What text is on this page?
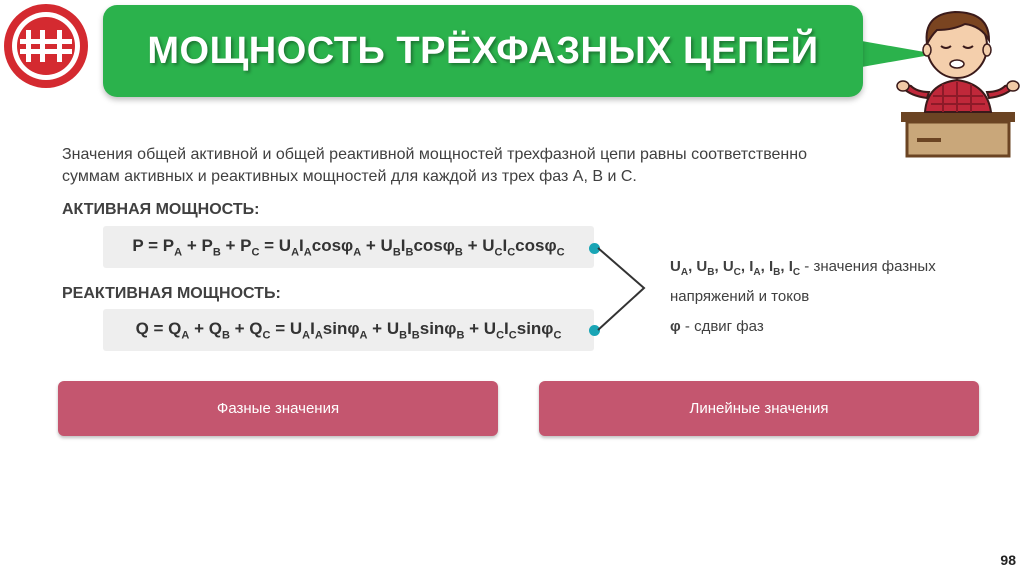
МОЩНОСТЬ ТРЁХФАЗНЫХ ЦЕПЕЙ
Значения общей активной и общей реактивной мощностей трехфазной цепи равны соответственно
суммам активных и реактивных мощностей для каждой из трех фаз А, В и С.
АКТИВНАЯ МОЩНОСТЬ:
$P = P_A + P_B + P_C = U_AI_A\cos\varphi_A + U_BI_B\cos\varphi_B + U_CI_C\cos\varphi_C$
РЕАКТИВНАЯ МОЩНОСТЬ:
$Q = Q_A + Q_B + Q_C = U_AI_A\sin\varphi_A + U_BI_B\sin\varphi_B + U_CI_C\sin\varphi_C$
$U_A$, $U_B$, $U_C$, $I_A$, $I_B$, $I_C$ - значения фазных
напряжений и токов
φ - сдвиг фаз
Фазные значения	Линейные значения
98
